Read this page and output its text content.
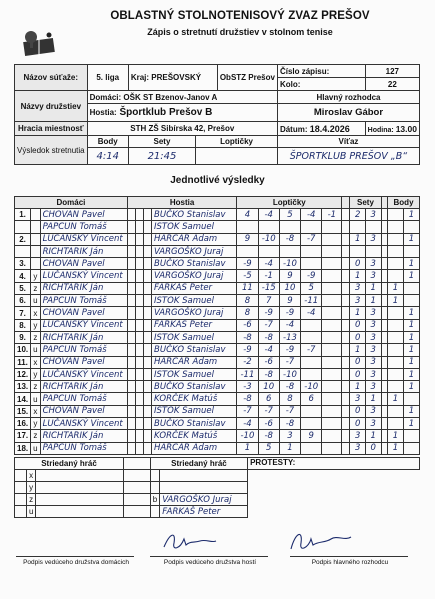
OBLASTNÝ STOLNOTENISOVÝ ZVAZ PREŠOV
Zápis o stretnutí družstiev v stolnom tenise
Názov súťaže:	5. liga	Kraj: PREŠOVSKÝ		ObSTZ Prešov	Číslo zápisu:	127
					Kolo:	22
Názvy družstiev	Domáci: OŠK ST Bzenov-Janov A				Hlavný rozhodca	
	Hostia: Športklub Prešov B				Miroslav Gábor	
Hracia miestnosť	STH ZŠ Sibírska 42, Prešov				Dátum: 18.4.2026	Hodina: 13.00
Výsledok stretnutia	Body	Sety	Loptičky		Víťaz	
	4:14	21:45			ŠPORTKLUB PREŠOV „B“	
Jednotlivé výsledky
Domáci			Hostia				Loptičky						Sety			Body	
1.		CHOVAN Pavel				BUČKO Stanislav	4	-4	5	-4	-1		2	3			1
		PAPCUN Tomáš				ISTOK Samuel											
2.		LUČANSKÝ Vincent				HARČÁR Adam	9	-10	-8	-7			1	3			1
		RICHTARIK Ján				VARGOŠKO Juraj											
3.		CHOVAN Pavel				BUČKO Stanislav	-9	-4	-10				0	3			1
4.	y	LUČANSKÝ Vincent				VARGOŠKO Juraj	-5	-1	9	-9			1	3			1
5.	z	RICHTARIK Ján				FARKAŠ Peter	11	-15	10	5			3	1		1	
6.	u	PAPCUN Tomáš				ISTOK Samuel	8	7	9	-11			3	1		1	
7.	x	CHOVAN Pavel				VARGOŠKO Juraj	8	-9	-9	-4			1	3			1
8.	y	LUČANSKÝ Vincent				FARKAŠ Peter	-6	-7	-4				0	3			1
9.	z	RICHTARIK Ján				ISTOK Samuel	-8	-8	-13				0	3			1
10.	u	PAPCUN Tomáš				BUČKO Stanislav	-9	-4	-9	-7			1	3			1
11.	x	CHOVAN Pavel				HARČÁR Adam	-2	-6	-7				0	3			1
12.	y	LUČANSKÝ Vincent				ISTOK Samuel	-11	-8	-10				0	3			1
13.	z	RICHTARIK Ján				BUČKO Stanislav	-3	10	-8	-10			1	3			1
14.	u	PAPCUN Tomáš				KORČEK Matúš	-8	6	8	6			3	1		1	
15.	x	CHOVAN Pavel				ISTOK Samuel	-7	-7	-7				0	3			1
16.	y	LUČANSKÝ Vincent				BUČKO Stanislav	-4	-6	-8				0	3			1
17.	z	RICHTARIK Ján				KORČEK Matúš	-10	-8	3	9			3	1		1	
18.	u	PAPCUN Tomáš				HARČÁR Adam	1	5	1				3	0		1	
Striedaný hráč				Striedaný hráč		PROTESTY:
	x					
	y					
	z			b	VARGOŠKO Juraj	
	u				FARKAŠ Peter	
Podpis vedúceho družstva domácich	Podpis vedúceho družstva hostí	Podpis hlavného rozhodcu
